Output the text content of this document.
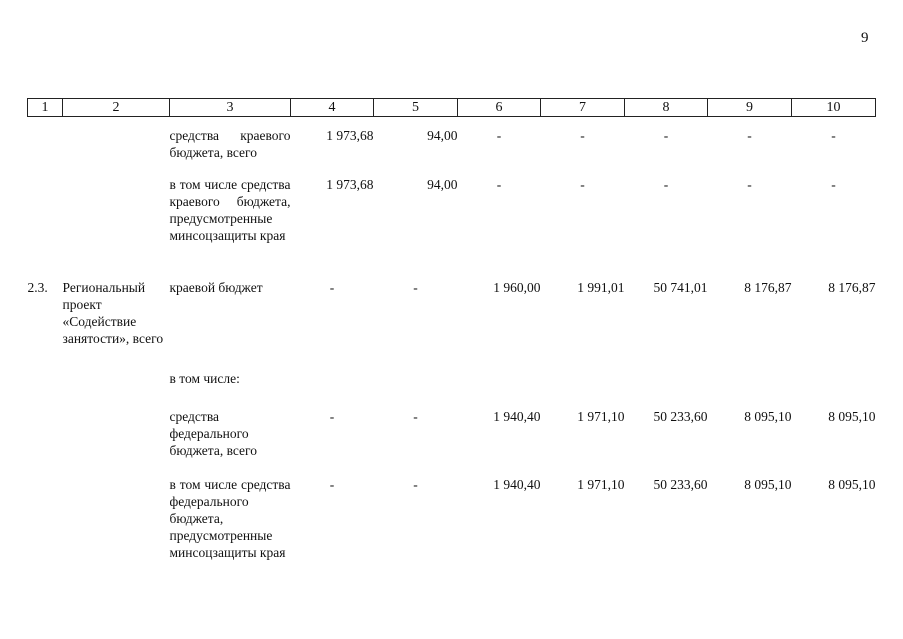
9
1	2	3	4	5	6	7	8	9	10

		средства краевого бюджета, всего	1 973,68	94,00	-	-	-	-	-

		в том числе средства краевого бюджета, предусмотренные минсоцзащиты края	1 973,68	94,00	-	-	-	-	-

2.3.	Региональный проект «Содействие занятости», всего	краевой бюджет	-	-	1 960,00	1 991,01	50 741,01	8 176,87	8 176,87
		в том числе:							
		средства федерального бюджета, всего	-	-	1 940,40	1 971,10	50 233,60	8 095,10	8 095,10
		в том числе средства федерального бюджета, предусмотренные минсоцзащиты края	-	-	1 940,40	1 971,10	50 233,60	8 095,10	8 095,10
